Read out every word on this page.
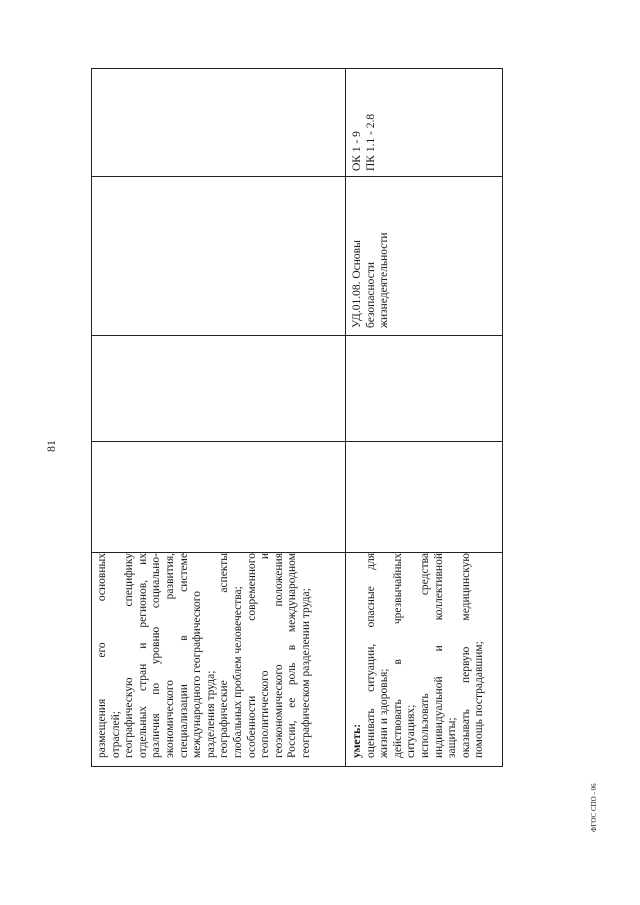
81
ФГОС СПО - 06
размещения его основных отраслей; географическую специфику отдельных стран и регионов, их различия по уровню социально- экономического развития, специализации в системе международного географического разделения труда; географические аспекты глобальных проблем человечества; особенности современного геополитического и геоэкономического положения России, ее роль в международном географическом разделении труда;	уметь: оценивать ситуации, опасные для жизни и здоровья; действовать в чрезвычайных ситуациях; использовать средства индивидуальной и коллективной защиты; оказывать первую медицинскую помощь пострадавшим;
УД.01.08. Основы безопасности жизнедеятельности
ОК 1 - 9 ПК 1.1 - 2.8
